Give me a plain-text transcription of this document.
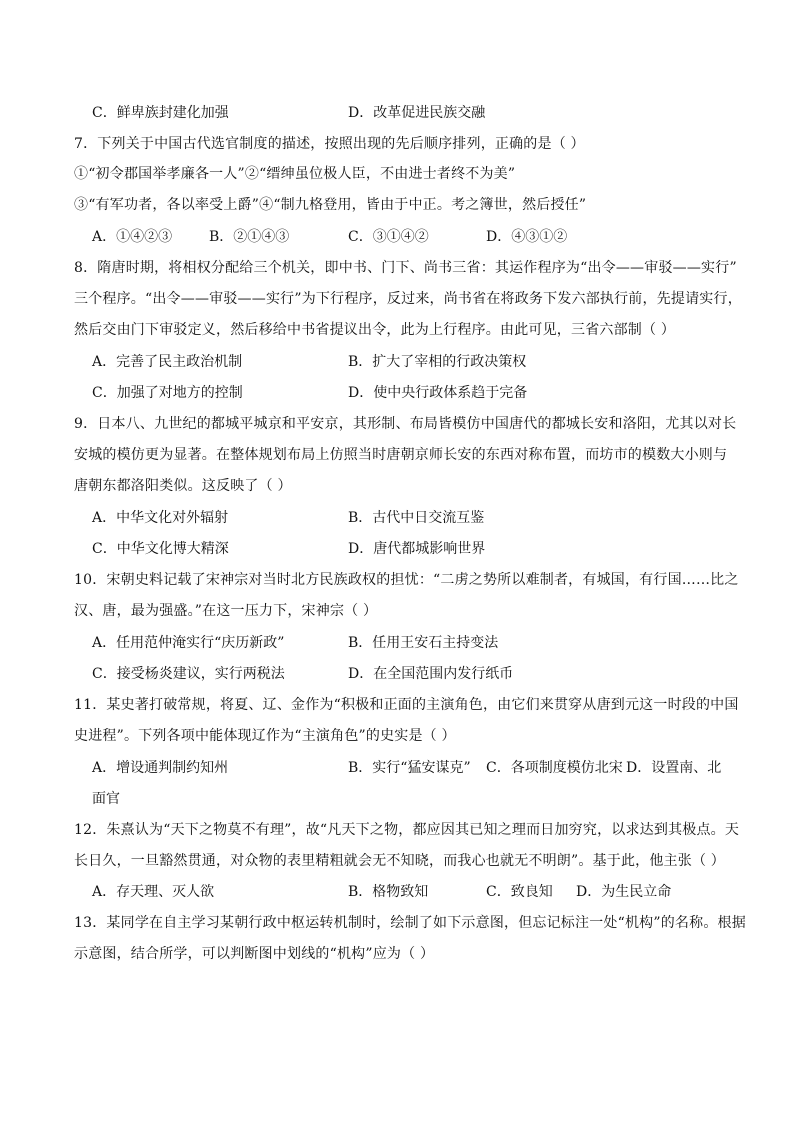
C．鲜卑族封建化加强	D．改革促进民族交融
7．下列关于中国古代选官制度的描述，按照出现的先后顺序排列，正确的是（ ）
①“初令郡国举孝廉各一人”②“缙绅虽位极人臣，不由进士者终不为美”
③“有军功者，各以率受上爵”④“制九格登用，皆由于中正。考之簿世，然后授任”
A．①④②③	B．②①④③	C．③①④②	D．④③①②
8．隋唐时期，将相权分配给三个机关，即中书、门下、尚书三省：其运作程序为“出令——审驳——实行”
三个程序。“出令——审驳——实行”为下行程序，反过来，尚书省在将政务下发六部执行前，先提请实行，
然后交由门下审驳定义，然后移给中书省提议出令，此为上行程序。由此可见，三省六部制（ ）
A．完善了民主政治机制	B．扩大了宰相的行政决策权
C．加强了对地方的控制	D．使中央行政体系趋于完备
9．日本八、九世纪的都城平城京和平安京，其形制、布局皆模仿中国唐代的都城长安和洛阳，尤其以对长
安城的模仿更为显著。在整体规划布局上仿照当时唐朝京师长安的东西对称布置，而坊市的模数大小则与
唐朝东都洛阳类似。这反映了（ ）
A．中华文化对外辐射	B．古代中日交流互鉴
C．中华文化博大精深	D．唐代都城影响世界
10．宋朝史料记载了宋神宗对当时北方民族政权的担忧：“二虏之势所以难制者，有城国，有行国……比之
汉、唐，最为强盛。”在这一压力下，宋神宗（ ）
A．任用范仲淹实行“庆历新政”	B．任用王安石主持变法
C．接受杨炎建议，实行两税法	D．在全国范围内发行纸币
11．某史著打破常规，将夏、辽、金作为“积极和正面的主演角色，由它们来贯穿从唐到元这一时段的中国
史进程”。下列各项中能体现辽作为“主演角色”的史实是（ ）
A．增设通判制约知州	B．实行“猛安谋克” C．各项制度模仿北宋 D．设置南、北
面官
12．朱熹认为“天下之物莫不有理”，故“凡天下之物，都应因其已知之理而日加穷究，以求达到其极点。天
长日久，一旦豁然贯通，对众物的表里精粗就会无不知晓，而我心也就无不明朗”。基于此，他主张（ ）
A．存天理、灭人欲	B．格物致知	C．致良知 D．为生民立命
13．某同学在自主学习某朝行政中枢运转机制时，绘制了如下示意图，但忘记标注一处“机构”的名称。根据
示意图，结合所学，可以判断图中划线的“机构”应为（ ）
